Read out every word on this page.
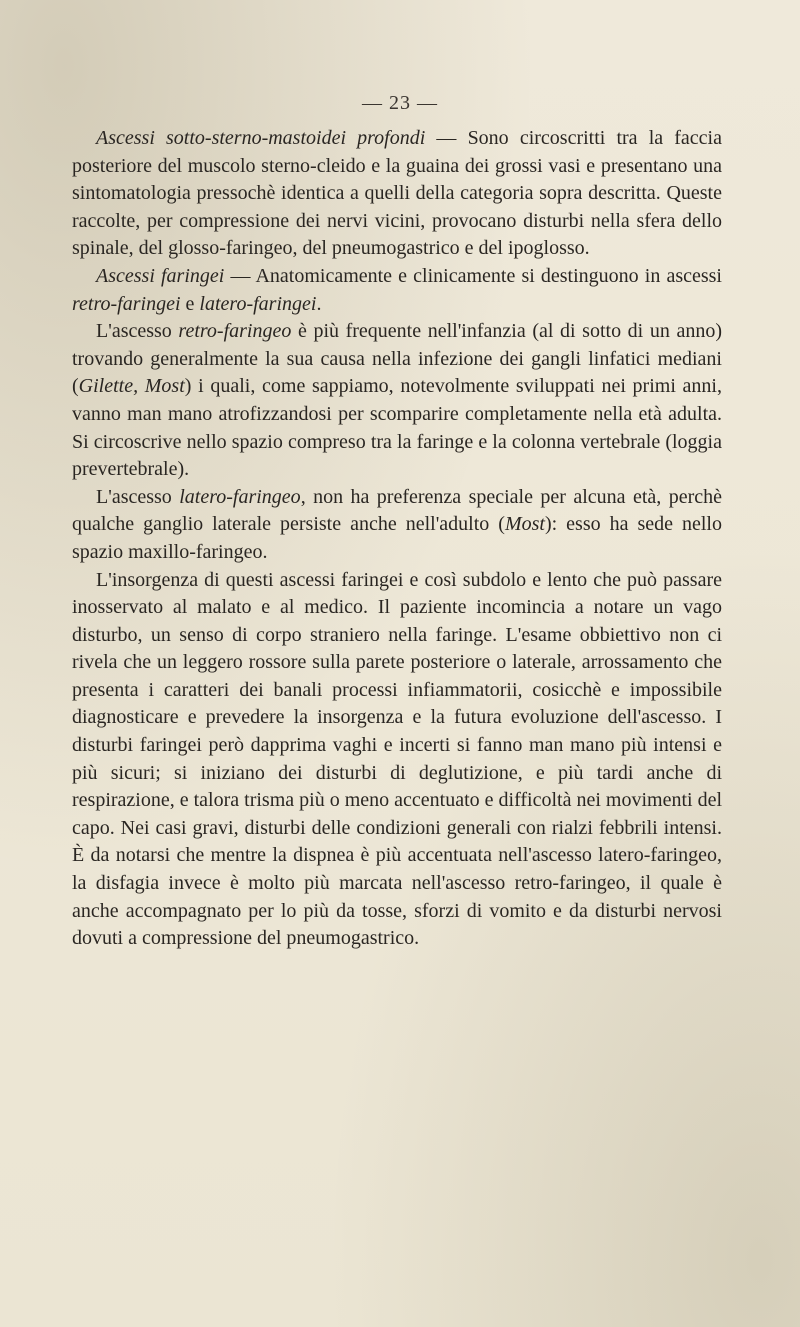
— 23 —

Ascessi sotto-sterno-mastoidei profondi — Sono circoscritti tra la faccia posteriore del muscolo sterno-cleido e la guaina dei grossi vasi e presentano una sintomatologia pressochè identica a quelli della categoria sopra descritta. Queste raccolte, per compressione dei nervi vicini, provocano disturbi nella sfera dello spinale, del glosso-faringeo, del pneumogastrico e del ipoglosso.

Ascessi faringei — Anatomicamente e clinicamente si destinguono in ascessi retro-faringei e latero-faringei.

L'ascesso retro-faringeo è più frequente nell'infanzia (al di sotto di un anno) trovando generalmente la sua causa nella infezione dei gangli linfatici mediani (Gilette, Most) i quali, come sappiamo, notevolmente sviluppati nei primi anni, vanno man mano atrofizzandosi per scomparire completamente nella età adulta. Si circoscrive nello spazio compreso tra la faringe e la colonna vertebrale (loggia prevertebrale).

L'ascesso latero-faringeo, non ha preferenza speciale per alcuna età, perchè qualche ganglio laterale persiste anche nell'adulto (Most): esso ha sede nello spazio maxillo-faringeo.

L'insorgenza di questi ascessi faringei e così subdolo e lento che può passare inosservato al malato e al medico. Il paziente incomincia a notare un vago disturbo, un senso di corpo straniero nella faringe. L'esame obbiettivo non ci rivela che un leggero rossore sulla parete posteriore o laterale, arrossamento che presenta i caratteri dei banali processi infiammatorii, cosicchè e impossibile diagnosticare e prevedere la insorgenza e la futura evoluzione dell'ascesso. I disturbi faringei però dapprima vaghi e incerti si fanno man mano più intensi e più sicuri; si iniziano dei disturbi di deglutizione, e più tardi anche di respirazione, e talora trisma più o meno accentuato e difficoltà nei movimenti del capo. Nei casi gravi, disturbi delle condizioni generali con rialzi febbrili intensi. È da notarsi che mentre la dispnea è più accentuata nell'ascesso latero-faringeo, la disfagia invece è molto più marcata nell'ascesso retro-faringeo, il quale è anche accompagnato per lo più da tosse, sforzi di vomito e da disturbi nervosi dovuti a compressione del pneumogastrico.
